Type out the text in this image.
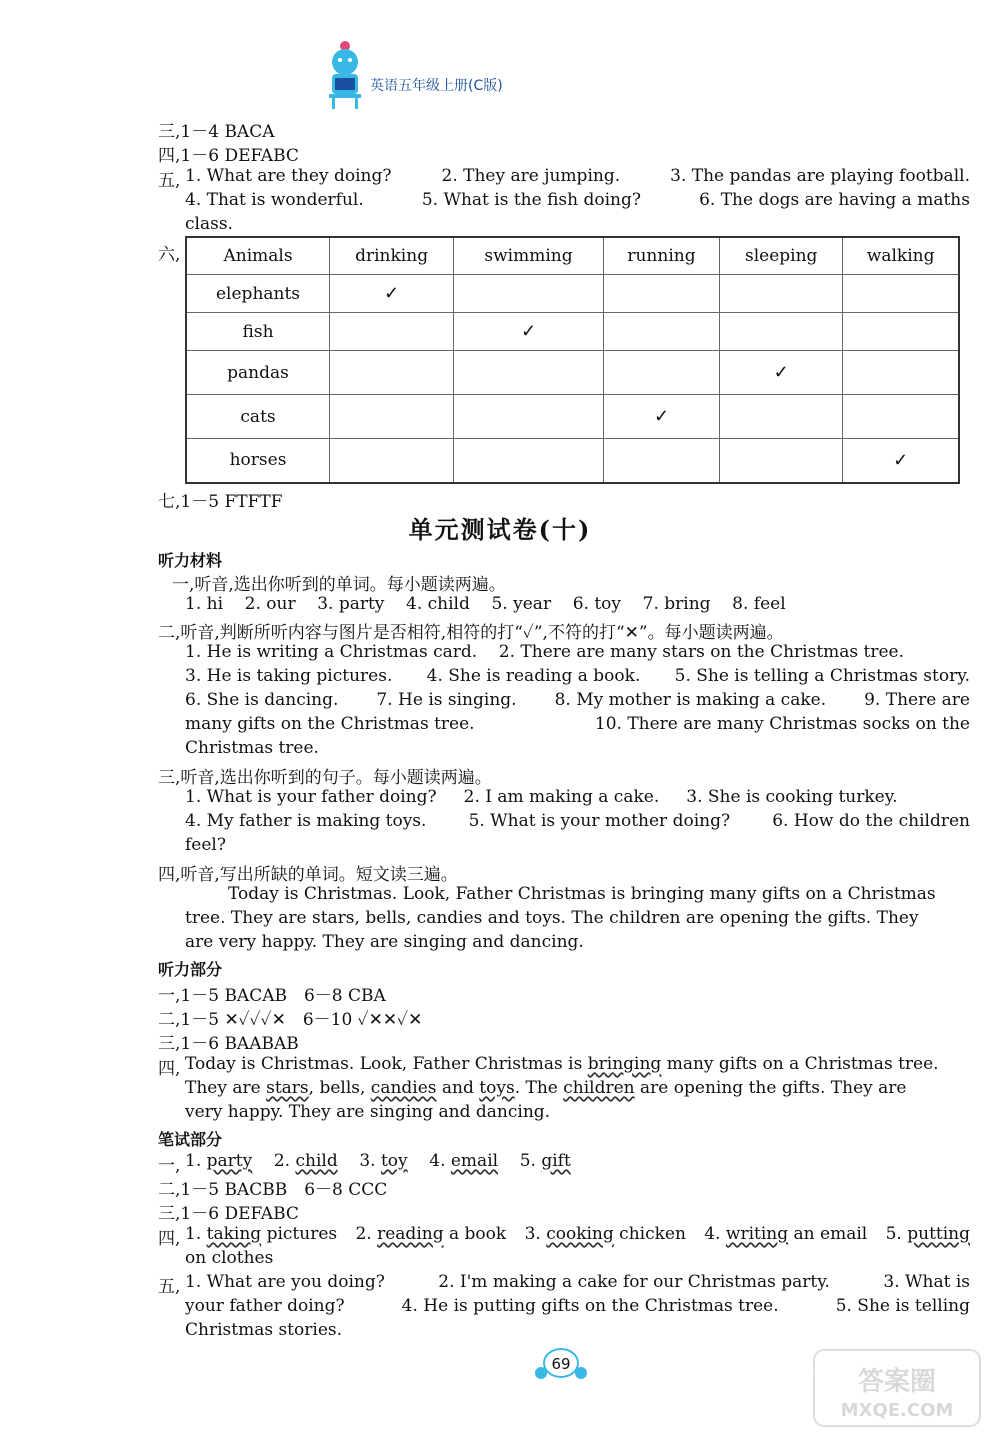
英语五年级上册(C版)
三,1－4 BACA
四,1－6 DEFABC
五, 1. What are they doing?	2. They are jumping.	3. The pandas are playing football.
4. That is wonderful.	5. What is the fish doing?	6. The dogs are having a maths
class.
六,	Animals	drinking	swimming	running	sleeping	walking
elephants	✓				
fish		✓			
pandas				✓	
cats			✓		
horses					✓
七,1－5 FTFTF
单元测试卷(十)
听力材料
一,听音,选出你听到的单词。每小题读两遍。
1. hi 2. our 3. party 4. child 5. year 6. toy 7. bring 8. feel
二,听音,判断所听内容与图片是否相符,相符的打“✓”,不符的打“✕”。每小题读两遍。
1. He is writing a Christmas card. 2. There are many stars on the Christmas tree.
3. He is taking pictures. 4. She is reading a book. 5. She is telling a Christmas story.
6. She is dancing. 7. He is singing. 8. My mother is making a cake. 9. There are
many gifts on the Christmas tree.	10. There are many Christmas socks on the
Christmas tree.
三,听音,选出你听到的句子。每小题读两遍。
1. What is your father doing? 2. I am making a cake. 3. She is cooking turkey.
4. My father is making toys. 5. What is your mother doing? 6. How do the children
feel?
四,听音,写出所缺的单词。短文读三遍。
Today is Christmas. Look, Father Christmas is bringing many gifts on a Christmas
tree. They are stars, bells, candies and toys. The children are opening the gifts. They
are very happy. They are singing and dancing.
听力部分
一,1－5 BACAB　6－8 CBA
二,1－5 ✕✓✓✓✕　6－10 ✓✕✕✓✕
三,1－6 BAABAB
四, Today is Christmas. Look, Father Christmas is bringing many gifts on a Christmas tree.
They are stars, bells, candies and toys. The children are opening the gifts. They are
very happy. They are singing and dancing.
笔试部分
一, 1. party 2. child 3. toy 4. email 5. gift
二,1－5 BACBB　6－8 CCC
三,1－6 DEFABC
四, 1. taking pictures 2. reading a book 3. cooking chicken 4. writing an email 5. putting
on clothes
五, 1. What are you doing?	2. I'm making a cake for our Christmas party.	3. What is
your father doing?	4. He is putting gifts on the Christmas tree.	5. She is telling
Christmas stories.
69
答案圈
MXQE.COM
